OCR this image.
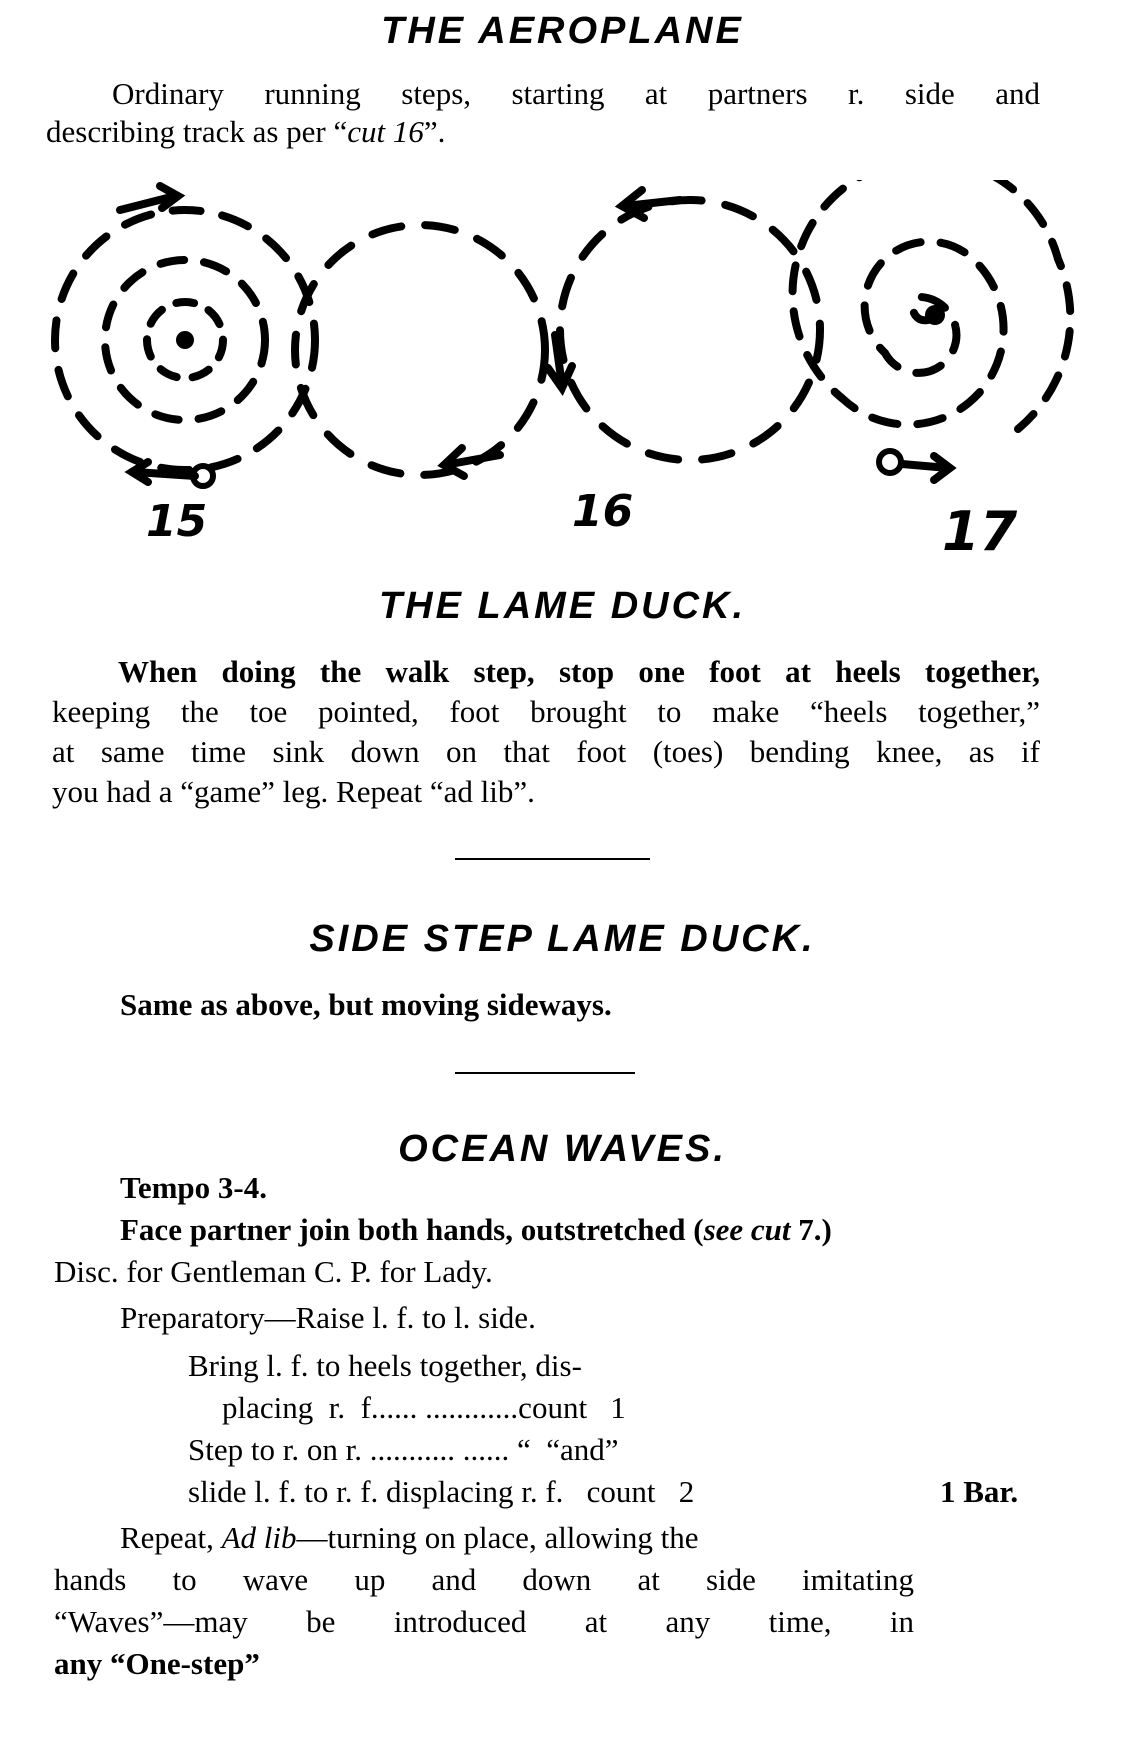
THE AEROPLANE
Ordinary running steps, starting at partners r. side and
describing track as per “cut 16”.
15	16	17
THE LAME DUCK.
When doing the walk step, stop one foot at heels together,
keeping the toe pointed, foot brought to make “heels together,”
at same time sink down on that foot (toes) bending knee, as if
you had a “game” leg. Repeat “ad lib”.
SIDE STEP LAME DUCK.
Same as above, but moving sideways.
OCEAN WAVES.
Tempo 3-4.
Face partner join both hands, outstretched (see cut 7.)
Disc. for Gentleman C. P. for Lady.
Preparatory—Raise l. f. to l. side.
Bring l. f. to heels together, dis-
placing  r.  f...... ............count   1
Step to r. on r. ........... ...... “  “and”
slide l. f. to r. f. displacing r. f.   count   2	1 Bar.
Repeat, Ad lib—turning on place, allowing the
hands to wave up and down at side imitating
“Waves”—may be introduced at any time, in
any “One-step”
